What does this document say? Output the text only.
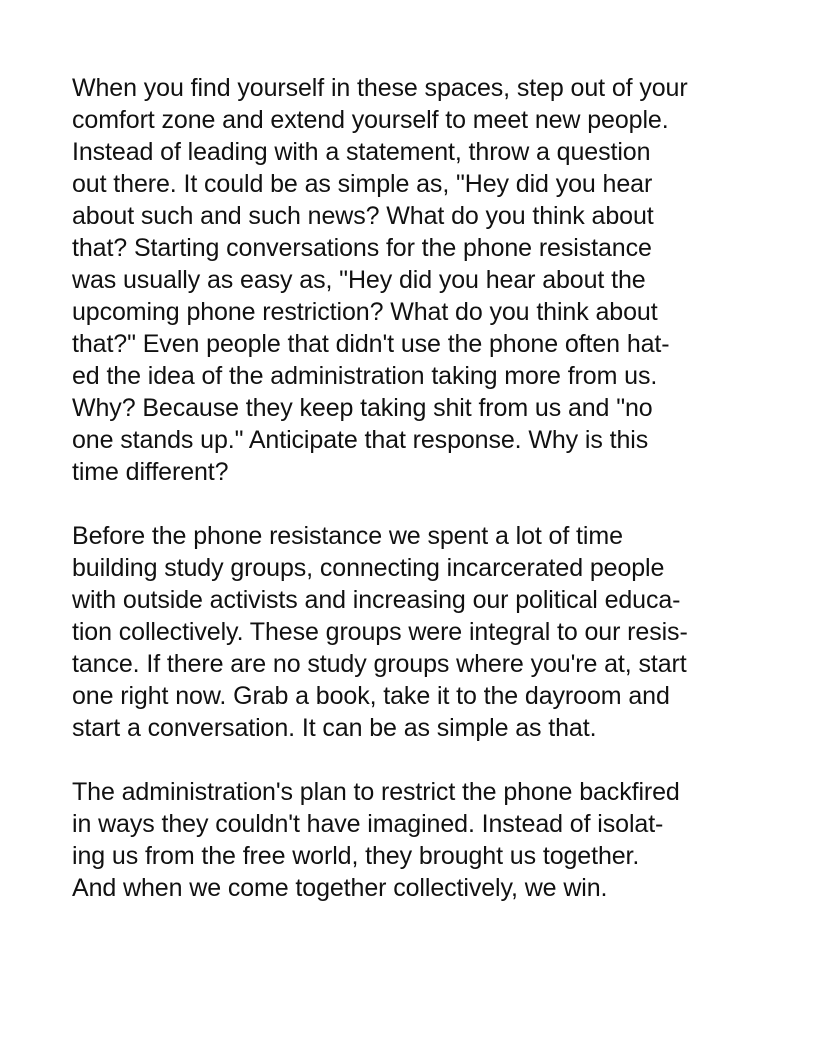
When you find yourself in these spaces, step out of your
comfort zone and extend yourself to meet new people.
Instead of leading with a statement, throw a question
out there. It could be as simple as, "Hey did you hear
about such and such news? What do you think about
that? Starting conversations for the phone resistance
was usually as easy as, "Hey did you hear about the
upcoming phone restriction? What do you think about
that?" Even people that didn't use the phone often hat-
ed the idea of the administration taking more from us.
Why? Because they keep taking shit from us and "no
one stands up." Anticipate that response. Why is this
time different?

Before the phone resistance we spent a lot of time
building study groups, connecting incarcerated people
with outside activists and increasing our political educa-
tion collectively. These groups were integral to our resis-
tance. If there are no study groups where you're at, start
one right now. Grab a book, take it to the dayroom and
start a conversation. It can be as simple as that.

The administration's plan to restrict the phone backfired
in ways they couldn't have imagined. Instead of isolat-
ing us from the free world, they brought us together.
And when we come together collectively, we win.
